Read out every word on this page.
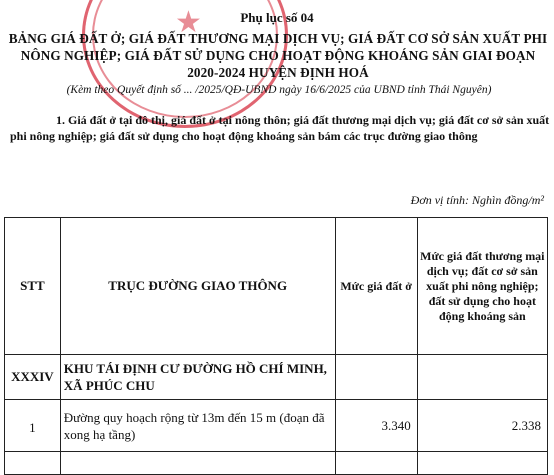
★	Phụ lục số 04
BẢNG GIÁ ĐẤT Ở; GIÁ ĐẤT THƯƠNG MẠI DỊCH VỤ; GIÁ ĐẤT CƠ SỞ SẢN XUẤT PHI NÔNG NGHIỆP; GIÁ ĐẤT SỬ DỤNG CHO HOẠT ĐỘNG KHOÁNG SẢN GIAI ĐOẠN 2020-2024 HUYỆN ĐỊNH HOÁ
(Kèm theo Quyết định số ... /2025/QĐ-UBND ngày 16/6/2025 của UBND tỉnh Thái Nguyên)
1. Giá đất ở tại đô thị, giá đất ở tại nông thôn; giá đất thương mại dịch vụ; giá đất cơ sở sản xuất phi nông nghiệp; giá đất sử dụng cho hoạt động khoáng sản bám các trục đường giao thông
Đơn vị tính: Nghìn đồng/m²
STT	TRỤC ĐƯỜNG GIAO THÔNG	Mức giá đất ở	Mức giá đất thương mại dịch vụ; đất cơ sở sản xuất phi nông nghiệp; đất sử dụng cho hoạt động khoáng sản
XXXIV	KHU TÁI ĐỊNH CƯ ĐƯỜNG HỒ CHÍ MINH, XÃ PHÚC CHU		
1	Đường quy hoạch rộng từ 13m đến 15 m (đoạn đã xong hạ tầng)	3.340	2.338
